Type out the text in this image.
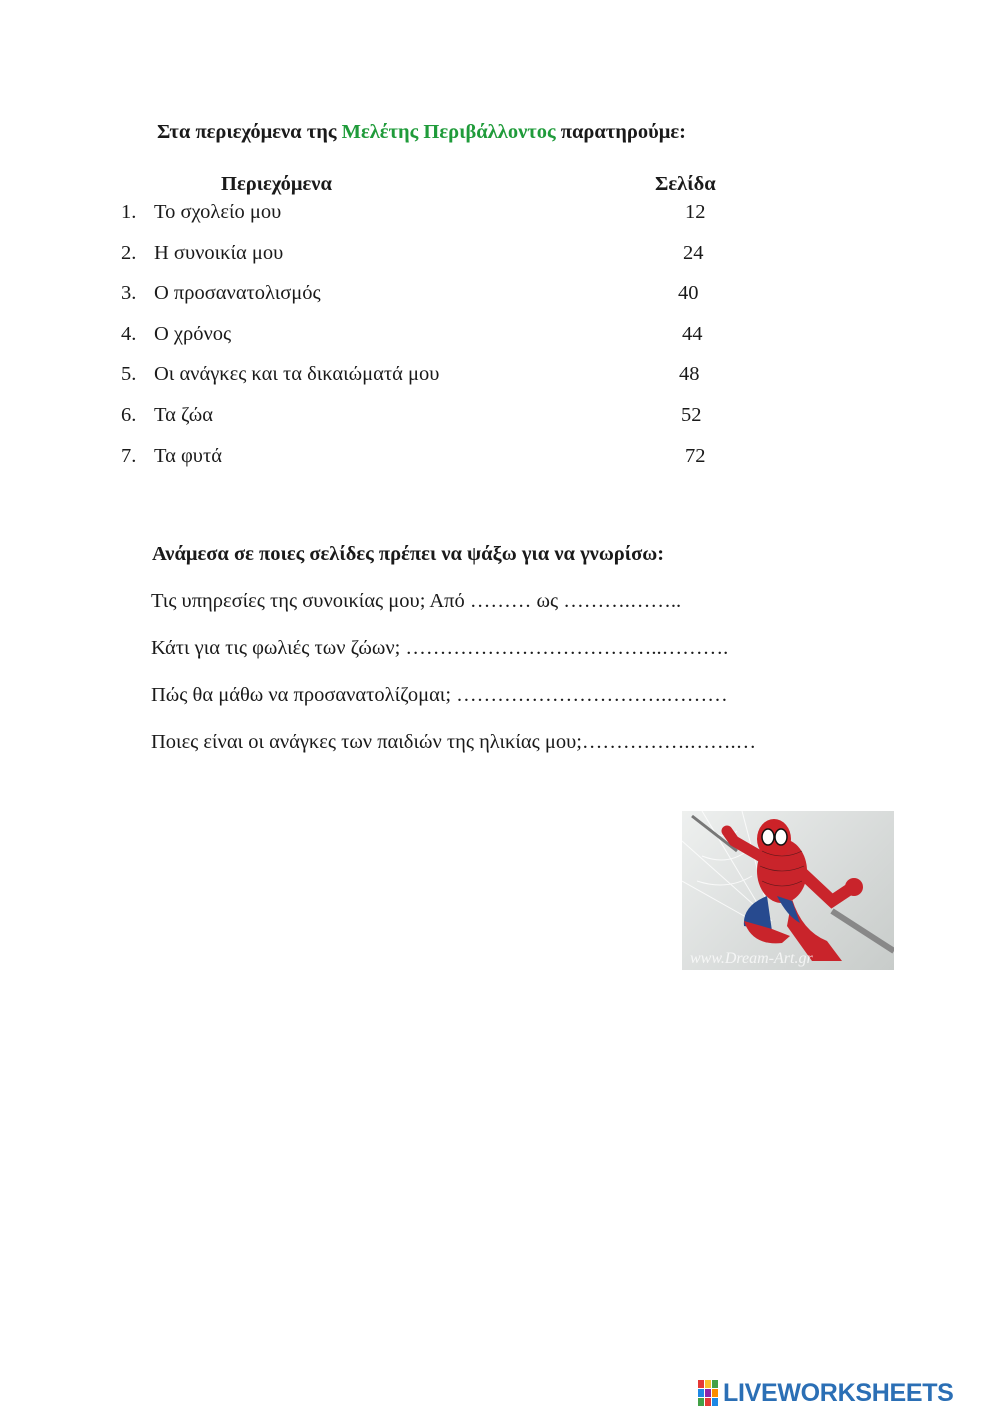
Στα περιεχόμενα της Μελέτης Περιβάλλοντος παρατηρούμε:
Περιεχόμενα	Σελίδα
1. Το σχολείο μου	12
2. Η συνοικία μου	24
3. Ο προσανατολισμός	40
4. Ο χρόνος	44
5. Οι ανάγκες και τα δικαιώματά μου	48
6. Τα ζώα	52
7. Τα φυτά	72
Ανάμεσα σε ποιες σελίδες πρέπει να ψάξω για να γνωρίσω:
Τις υπηρεσίες της συνοικίας μου; Από ……… ως ……….……..
Κάτι για τις φωλιές των ζώων; ………………………………..……….
Πώς θα μάθω να προσανατολίζομαι; ………………………….………
Ποιες είναι οι ανάγκες των παιδιών της ηλικίας μου;…………….…….…
www.Dream-Art.gr
LIVEWORKSHEETS
